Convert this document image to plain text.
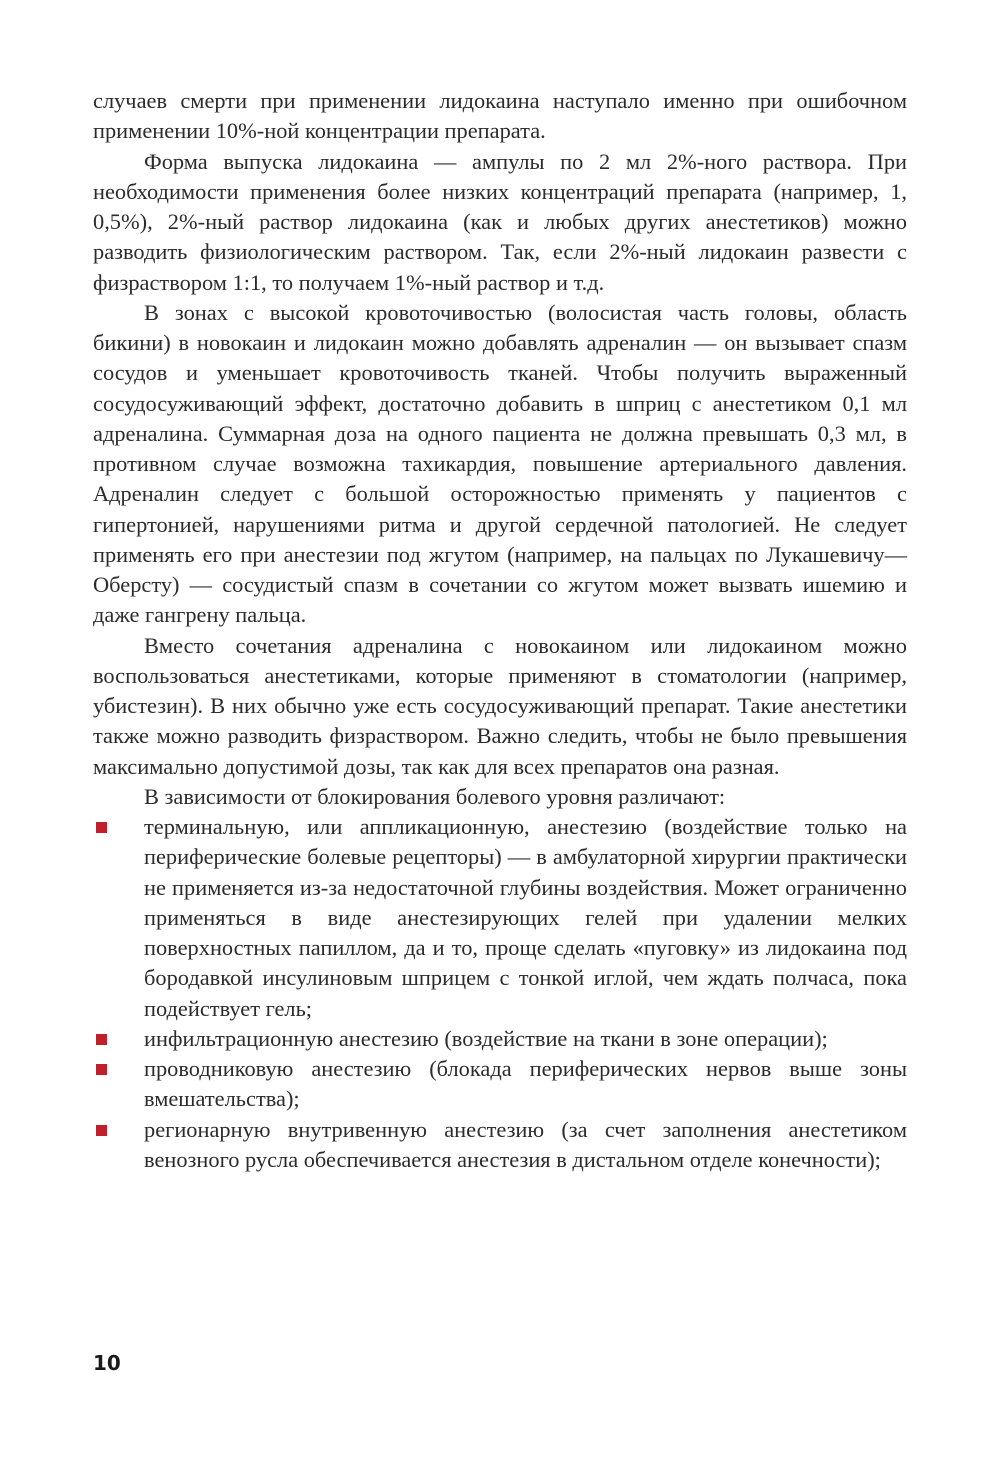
случаев смерти при применении лидокаина наступало именно при ошибочном применении 10%-ной концентрации препарата.

Форма выпуска лидокаина — ампулы по 2 мл 2%-ного раствора. При необходимости применения более низких концентраций препарата (например, 1, 0,5%), 2%-ный раствор лидокаина (как и любых других анестетиков) можно разводить физиологическим раствором. Так, если 2%-ный лидокаин развести с физраствором 1:1, то получаем 1%-ный раствор и т.д.

В зонах с высокой кровоточивостью (волосистая часть головы, область бикини) в новокаин и лидокаин можно добавлять адреналин — он вызывает спазм сосудов и уменьшает кровоточивость тканей. Чтобы получить выраженный сосудосуживающий эффект, достаточно добавить в шприц с анестетиком 0,1 мл адреналина. Суммарная доза на одного пациента не должна превышать 0,3 мл, в противном случае возможна тахикардия, повышение артериального давления. Адреналин следует с большой осторожностью применять у пациентов с гипертонией, нарушениями ритма и другой сердечной патологией. Не следует применять его при анестезии под жгутом (например, на пальцах по Лукашевичу—Оберсту) — сосудистый спазм в сочетании со жгутом может вызвать ишемию и даже гангрену пальца.

Вместо сочетания адреналина с новокаином или лидокаином можно воспользоваться анестетиками, которые применяют в стоматологии (например, убистезин). В них обычно уже есть сосудосуживающий препарат. Такие анестетики также можно разводить физраствором. Важно следить, чтобы не было превышения максимально допустимой дозы, так как для всех препаратов она разная.

В зависимости от блокирования болевого уровня различают:

терминальную, или аппликационную, анестезию (воздействие только на периферические болевые рецепторы) — в амбулаторной хирургии практически не применяется из-за недостаточной глубины воздействия. Может ограниченно применяться в виде анестезирующих гелей при удалении мелких поверхностных папиллом, да и то, проще сделать «пуговку» из лидокаина под бородавкой инсулиновым шприцем с тонкой иглой, чем ждать полчаса, пока подействует гель;
инфильтрационную анестезию (воздействие на ткани в зоне операции);
проводниковую анестезию (блокада периферических нервов выше зоны вмешательства);
регионарную внутривенную анестезию (за счет заполнения анестетиком венозного русла обеспечивается анестезия в дистальном отделе конечности);
10
